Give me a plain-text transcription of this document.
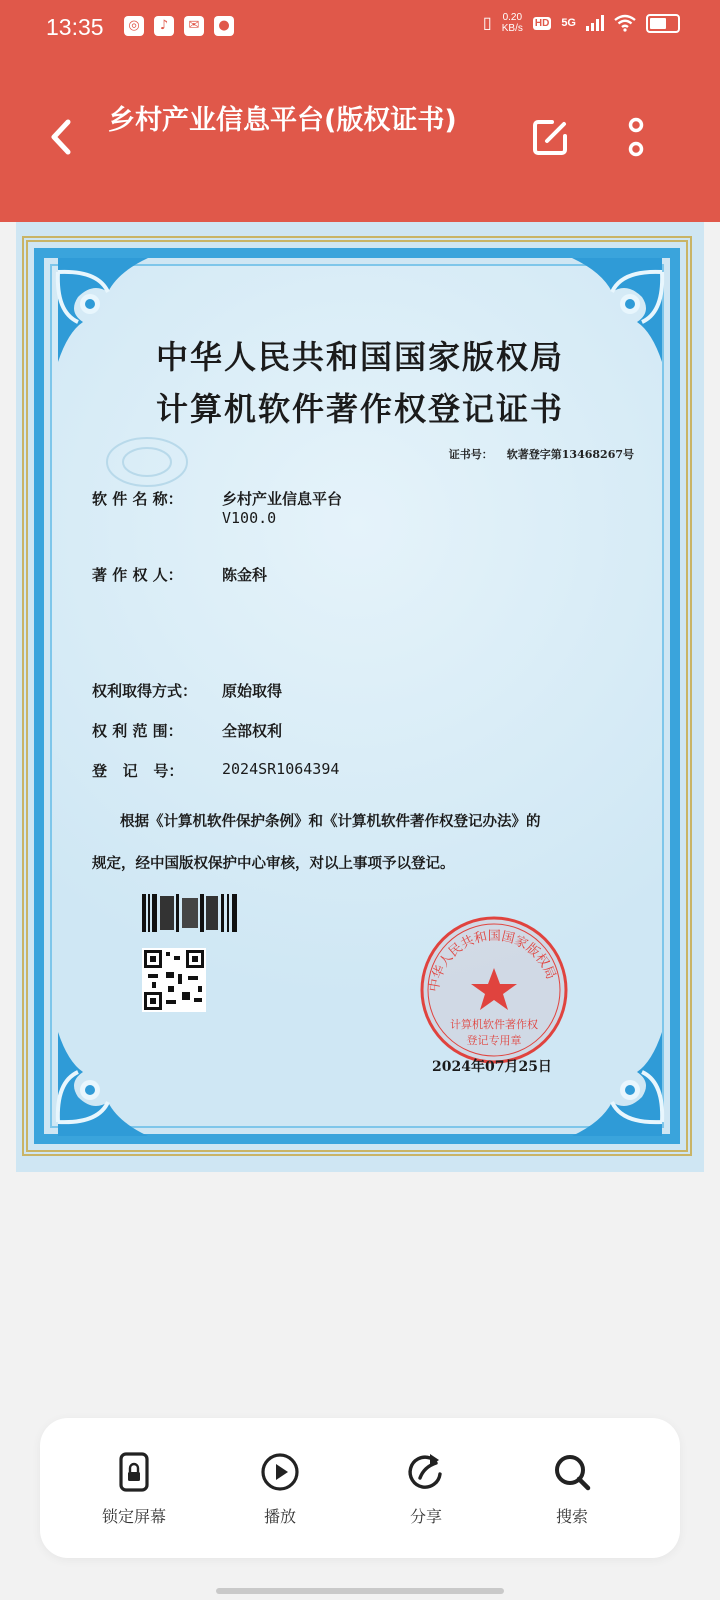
13:35	◎	♪	✉	●	▯ 0.20
KB/s HD 5G
乡村产业信息平台(版权证书)
中华人民共和国国家版权局
计算机软件著作权登记证书
证书号： 软著登字第13468267号
软 件 名 称：	乡村产业信息平台
V100.0
著 作 权 人：	陈金科
权利取得方式： 原始取得
权 利 范 围：	全部权利
登   记   号：	2024SR1064394
根据《计算机软件保护条例》和《计算机软件著作权登记办法》的
规定，经中国版权保护中心审核，对以上事项予以登记。
中华人民共和国国家版权局
计算机软件著作权
登记专用章
2024年07月25日
锁定屏幕	播放	分享	搜索
